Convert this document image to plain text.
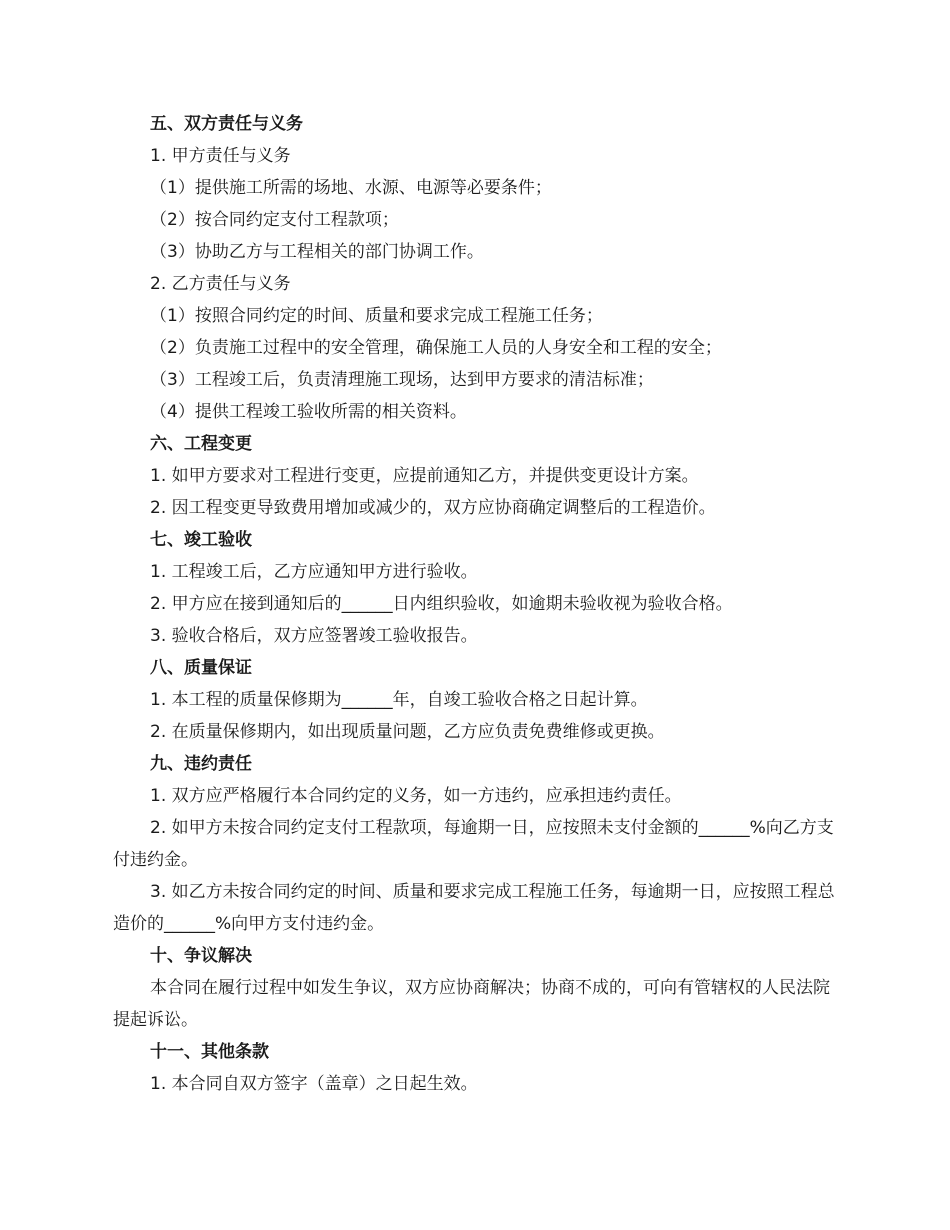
五、双方责任与义务
1. 甲方责任与义务
（1）提供施工所需的场地、水源、电源等必要条件；
（2）按合同约定支付工程款项；
（3）协助乙方与工程相关的部门协调工作。
2. 乙方责任与义务
（1）按照合同约定的时间、质量和要求完成工程施工任务；
（2）负责施工过程中的安全管理，确保施工人员的人身安全和工程的安全；
（3）工程竣工后，负责清理施工现场，达到甲方要求的清洁标准；
（4）提供工程竣工验收所需的相关资料。
六、工程变更
1. 如甲方要求对工程进行变更，应提前通知乙方，并提供变更设计方案。
2. 因工程变更导致费用增加或减少的，双方应协商确定调整后的工程造价。
七、竣工验收
1. 工程竣工后，乙方应通知甲方进行验收。
2. 甲方应在接到通知后的______日内组织验收，如逾期未验收视为验收合格。
3. 验收合格后，双方应签署竣工验收报告。
八、质量保证
1. 本工程的质量保修期为______年，自竣工验收合格之日起计算。
2. 在质量保修期内，如出现质量问题，乙方应负责免费维修或更换。
九、违约责任
1. 双方应严格履行本合同约定的义务，如一方违约，应承担违约责任。
2. 如甲方未按合同约定支付工程款项，每逾期一日，应按照未支付金额的______%向乙方支付违约金。
3. 如乙方未按合同约定的时间、质量和要求完成工程施工任务，每逾期一日，应按照工程总造价的______%向甲方支付违约金。
十、争议解决
本合同在履行过程中如发生争议，双方应协商解决；协商不成的，可向有管辖权的人民法院提起诉讼。
十一、其他条款
1. 本合同自双方签字（盖章）之日起生效。
